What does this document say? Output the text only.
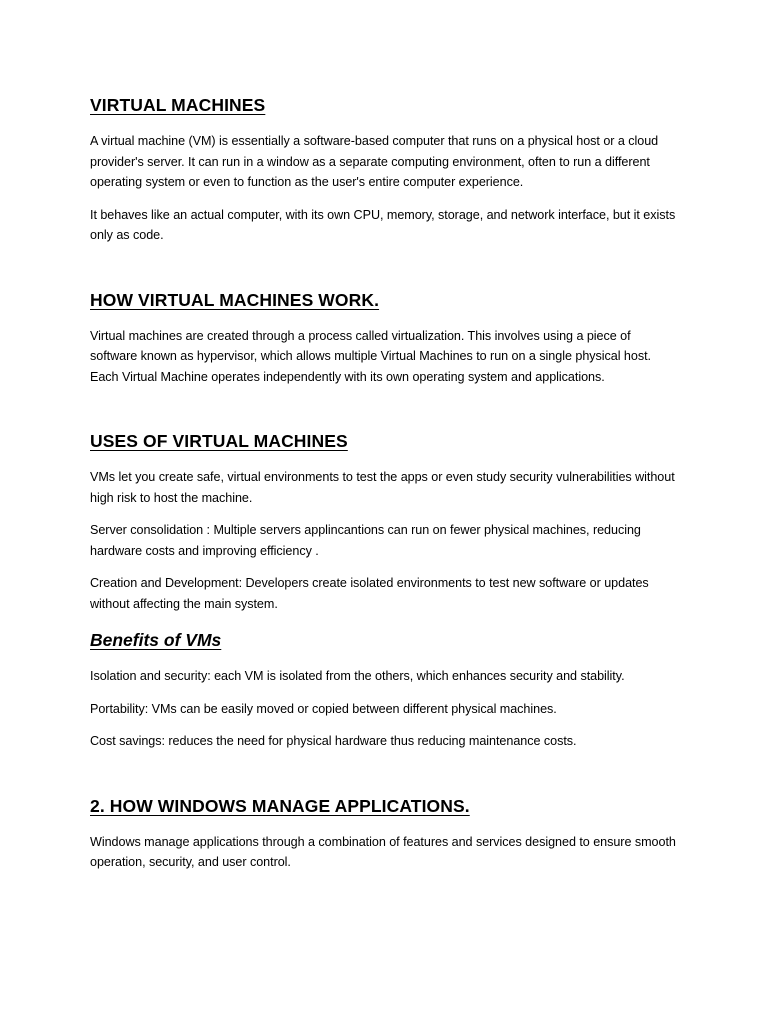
VIRTUAL MACHINES

A virtual machine (VM) is essentially a software-based computer that runs on a physical host or a cloud provider's server. It can run in a window as a separate computing environment, often to run a different operating system or even to function as the user's entire computer experience.

It behaves like an actual computer, with its own CPU, memory, storage, and network interface, but it exists only as code.

HOW VIRTUAL MACHINES WORK.

Virtual machines are created through a process called virtualization. This involves using a piece of software known as hypervisor, which allows multiple Virtual Machines to run on a single physical host. Each Virtual Machine operates independently with its own operating system and applications.

USES OF VIRTUAL MACHINES

VMs let you create safe, virtual environments to test the apps or even study security vulnerabilities without high risk to host the machine.

Server consolidation : Multiple servers applincantions can run on fewer physical machines, reducing hardware costs and improving efficiency .

Creation and Development: Developers create isolated environments to test new software or updates without affecting the main system.

Benefits of VMs

Isolation and security: each VM is isolated from the others, which enhances security and stability.

Portability: VMs can be easily moved or copied between different physical machines.

Cost savings: reduces the need for physical hardware thus reducing maintenance costs.

2. HOW WINDOWS MANAGE APPLICATIONS.

Windows manage applications through a combination of features and services designed to ensure smooth operation, security, and user control.
